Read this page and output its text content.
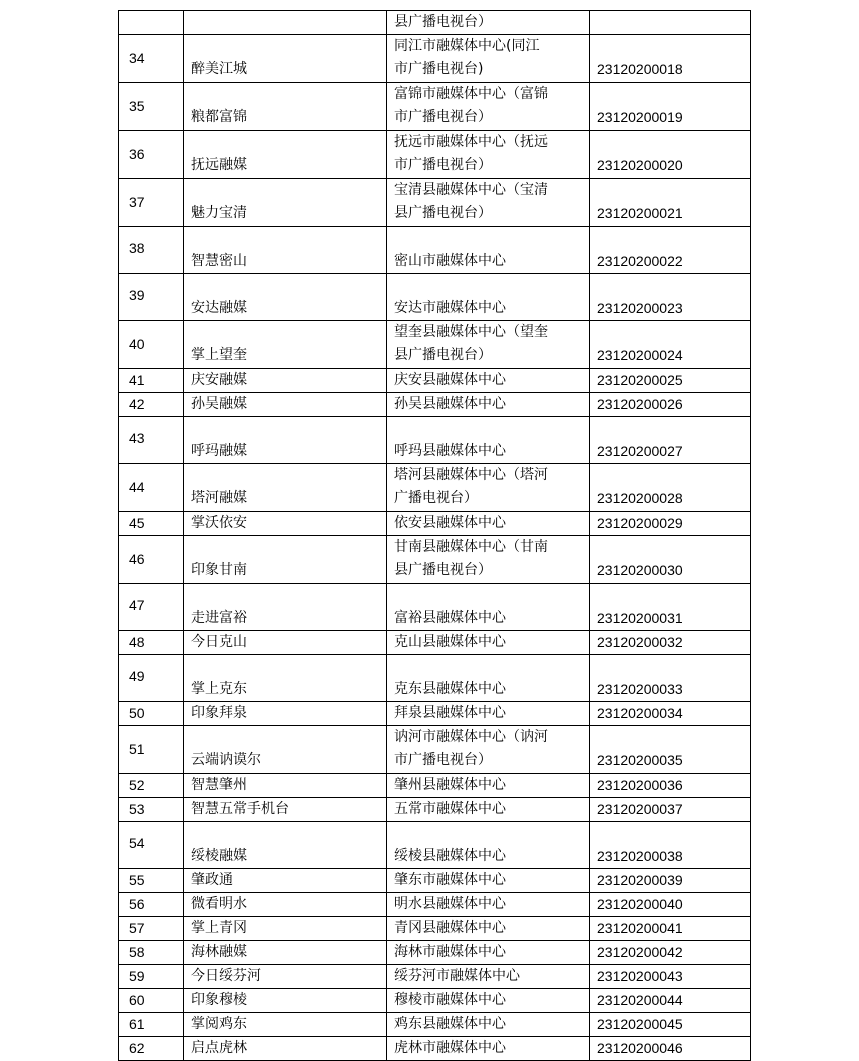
		县广播电视台）	

34	醉美江城	同江市融媒体中心(同江
市广播电视台)	23120200018

35	粮都富锦	富锦市融媒体中心（富锦
市广播电视台）	23120200019

36	抚远融媒	抚远市融媒体中心（抚远
市广播电视台）	23120200020

37	魅力宝清	宝清县融媒体中心（宝清
县广播电视台）	23120200021

38	智慧密山	密山市融媒体中心	23120200022

39	安达融媒	安达市融媒体中心	23120200023

40	掌上望奎	望奎县融媒体中心（望奎
县广播电视台）	23120200024

41	庆安融媒	庆安县融媒体中心	23120200025

42	孙吴融媒	孙吴县融媒体中心	23120200026

43	呼玛融媒	呼玛县融媒体中心	23120200027

44	塔河融媒	塔河县融媒体中心（塔河
广播电视台）	23120200028

45	掌沃依安	依安县融媒体中心	23120200029

46	印象甘南	甘南县融媒体中心（甘南
县广播电视台）	23120200030

47	走进富裕	富裕县融媒体中心	23120200031

48	今日克山	克山县融媒体中心	23120200032

49	掌上克东	克东县融媒体中心	23120200033

50	印象拜泉	拜泉县融媒体中心	23120200034

51	云端讷谟尔	讷河市融媒体中心（讷河
市广播电视台）	23120200035

52	智慧肇州	肇州县融媒体中心	23120200036

53	智慧五常手机台	五常市融媒体中心	23120200037

54	绥棱融媒	绥棱县融媒体中心	23120200038

55	肇政通	肇东市融媒体中心	23120200039

56	微看明水	明水县融媒体中心	23120200040

57	掌上青冈	青冈县融媒体中心	23120200041

58	海林融媒	海林市融媒体中心	23120200042

59	今日绥芬河	绥芬河市融媒体中心	23120200043

60	印象穆棱	穆棱市融媒体中心	23120200044

61	掌阅鸡东	鸡东县融媒体中心	23120200045

62	启点虎林	虎林市融媒体中心	23120200046
